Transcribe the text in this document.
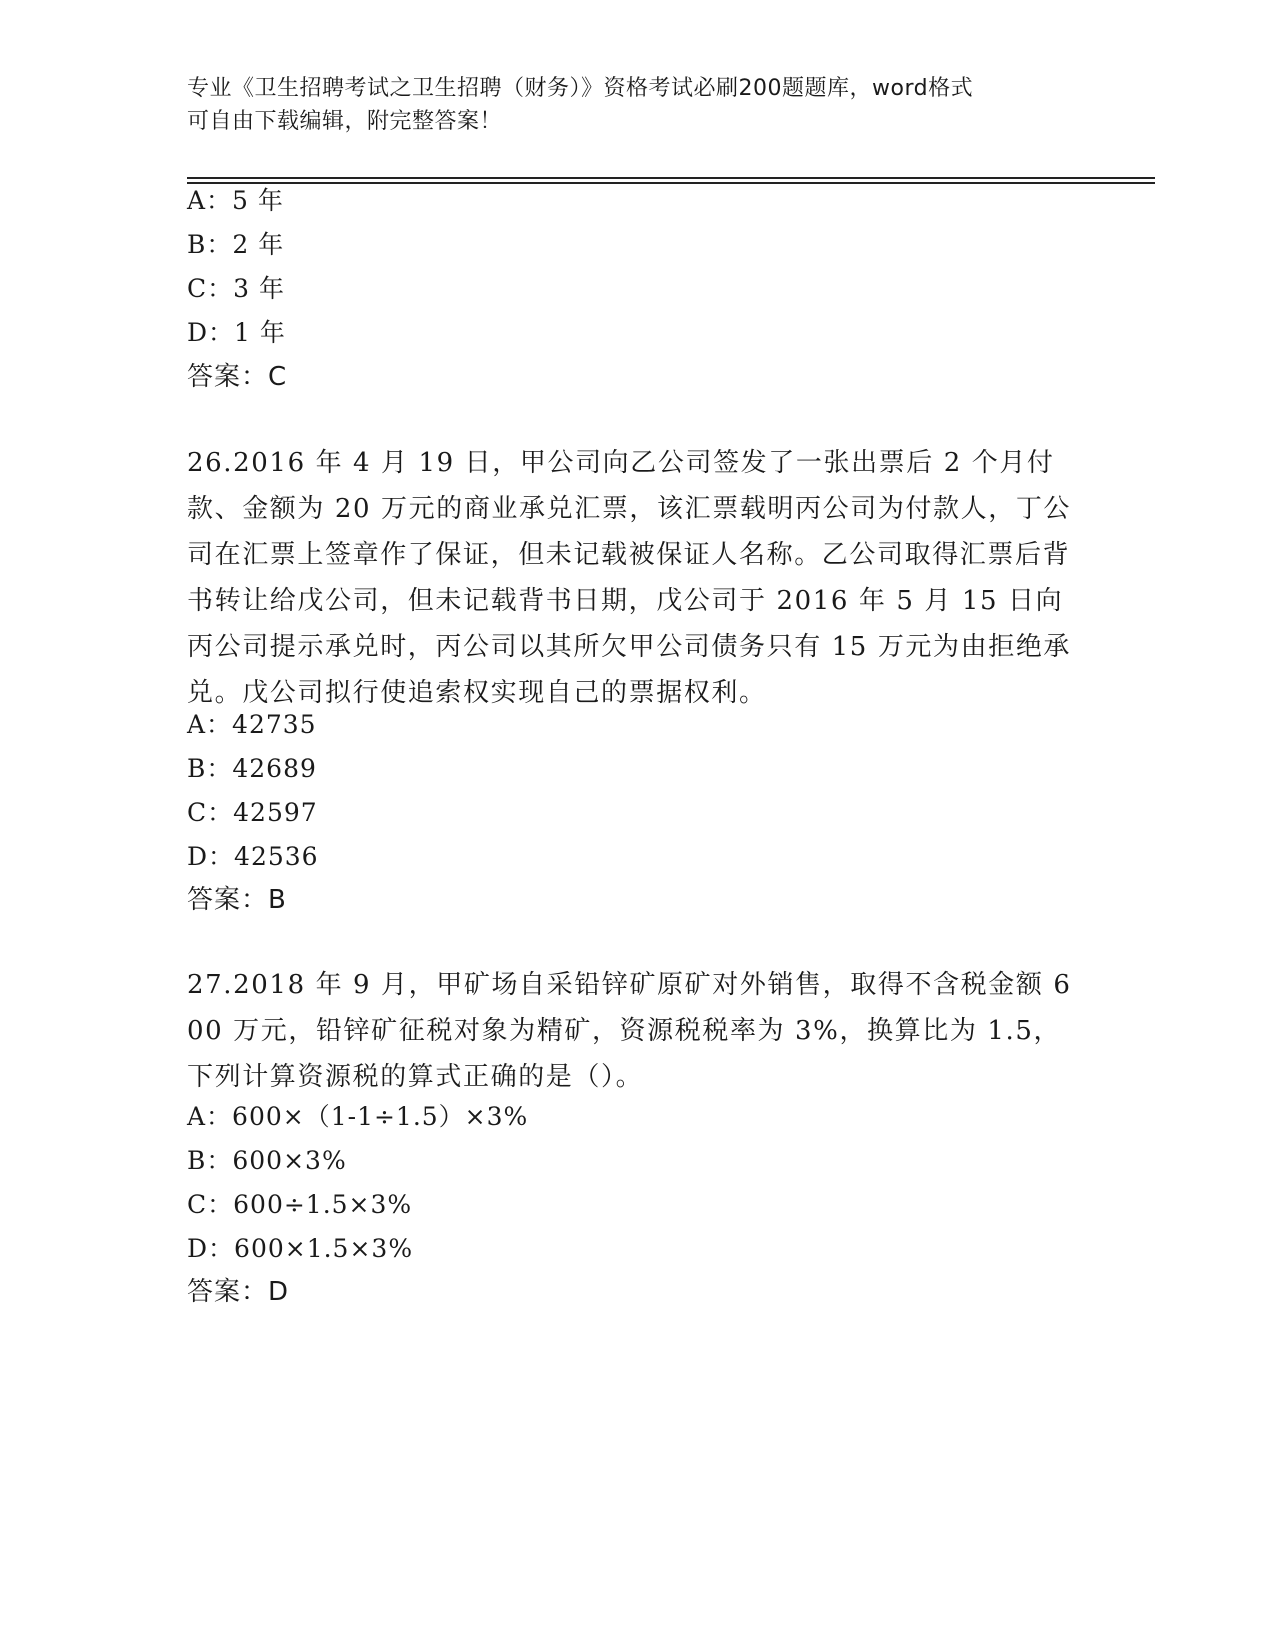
专业《卫生招聘考试之卫生招聘（财务）》资格考试必刷200题题库，word格式
可自由下载编辑，附完整答案！
A：5 年
B：2 年
C：3 年
D：1 年
答案：C
26.2016 年 4 月 19 日，甲公司向乙公司签发了一张出票后 2 个月付款、金额为 20 万元的商业承兑汇票，该汇票载明丙公司为付款人，丁公司在汇票上签章作了保证，但未记载被保证人名称。乙公司取得汇票后背书转让给戊公司，但未记载背书日期，戊公司于 2016 年 5 月 15 日向丙公司提示承兑时，丙公司以其所欠甲公司债务只有 15 万元为由拒绝承兑。戊公司拟行使追索权实现自己的票据权利。
A：42735
B：42689
C：42597
D：42536
答案：B
27.2018 年 9 月，甲矿场自采铅锌矿原矿对外销售，取得不含税金额 600 万元，铅锌矿征税对象为精矿，资源税税率为 3%，换算比为 1.5，下列计算资源税的算式正确的是（）。
A：600×（1-1÷1.5）×3%
B：600×3%
C：600÷1.5×3%
D：600×1.5×3%
答案：D
